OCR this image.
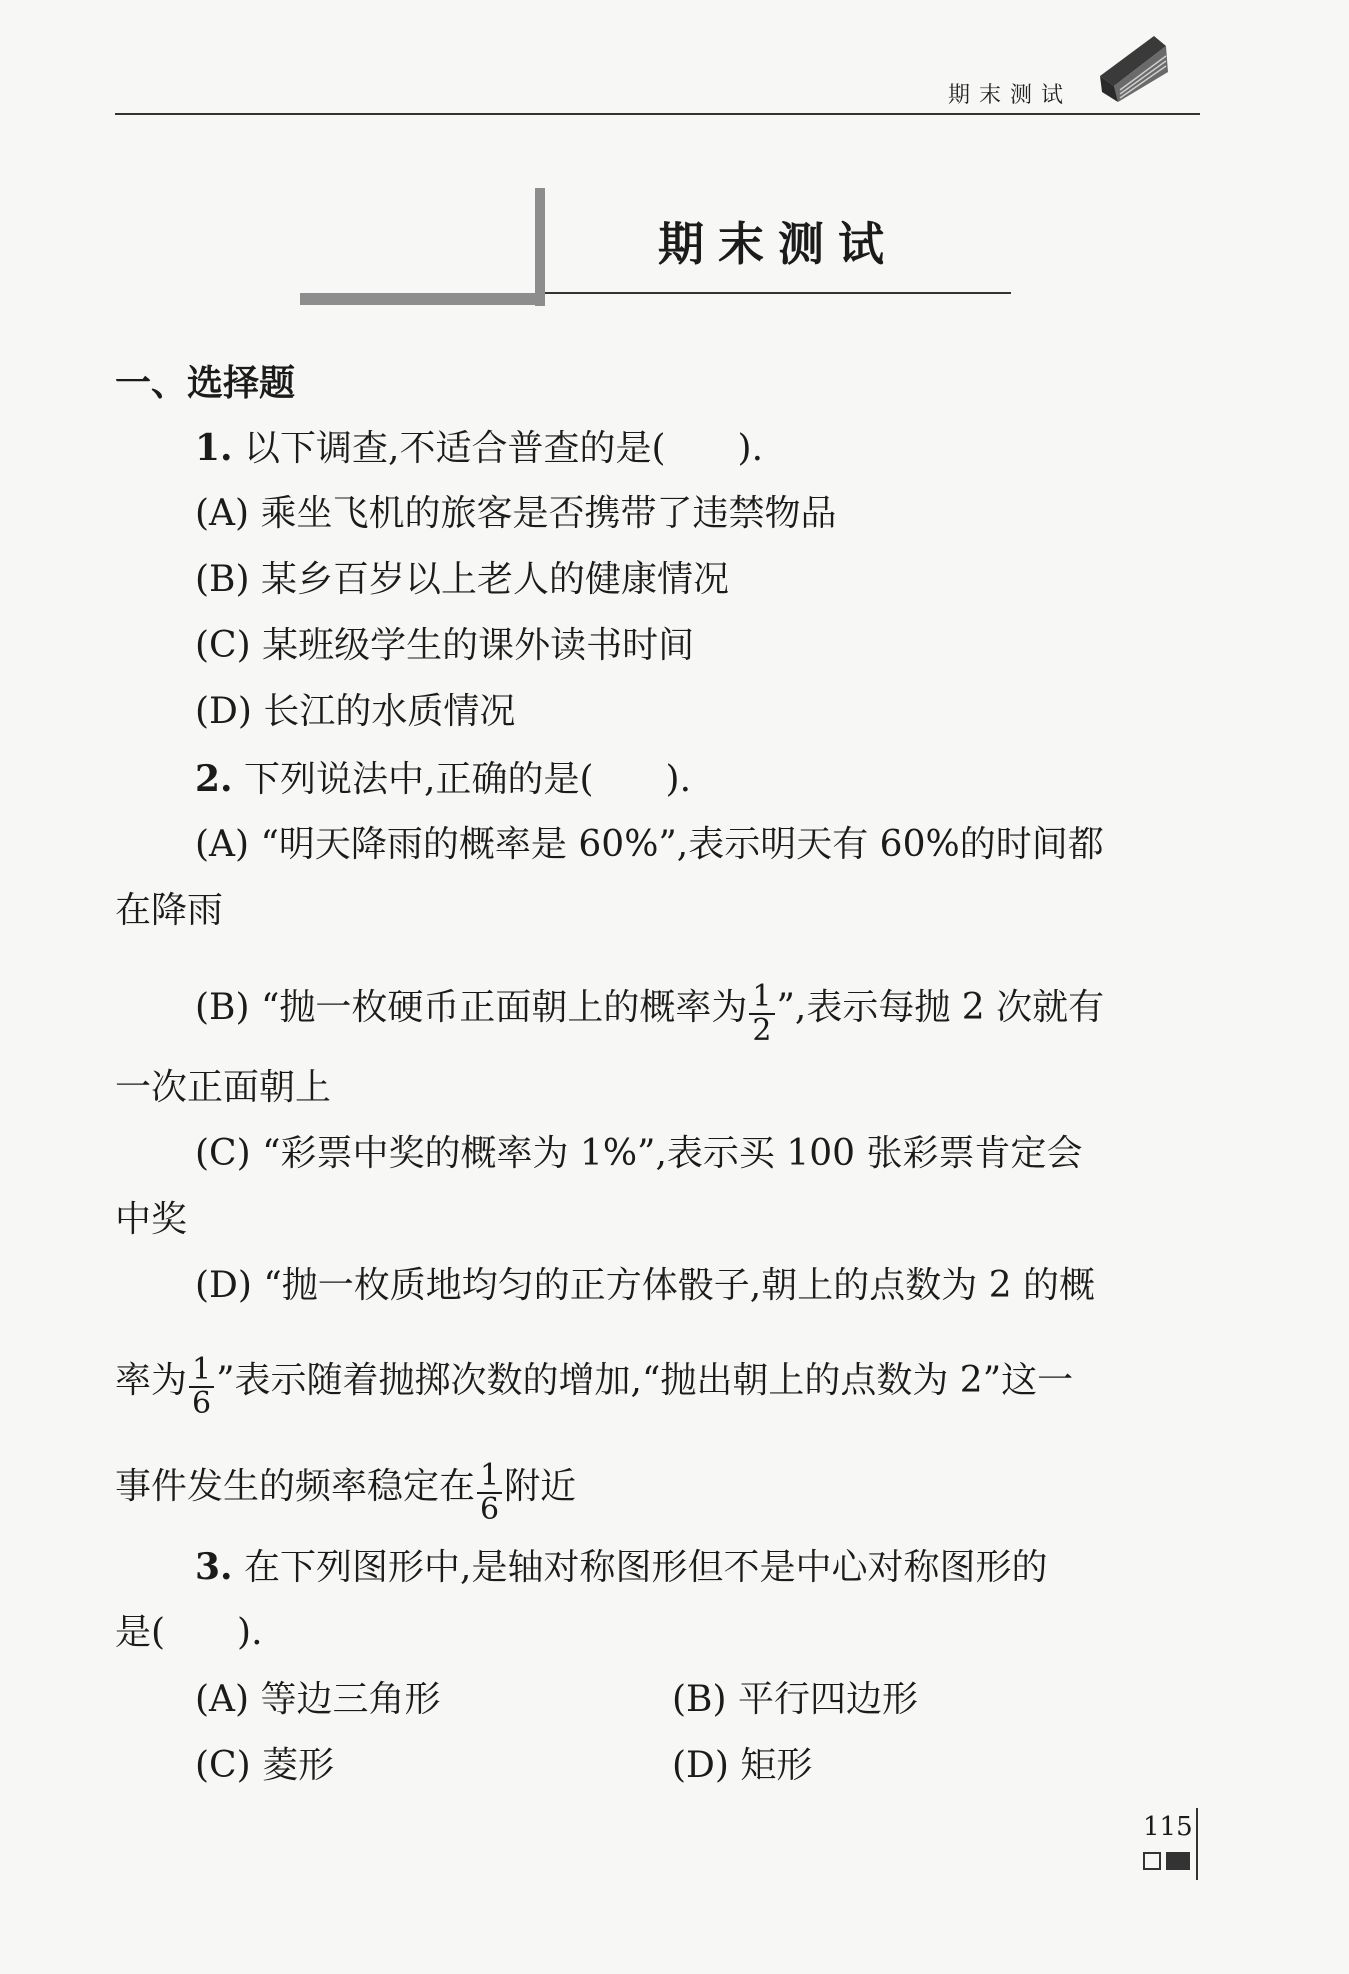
期末测试
期末测试
一、选择题
1. 以下调查,不适合普查的是(　　).
(A) 乘坐飞机的旅客是否携带了违禁物品
(B) 某乡百岁以上老人的健康情况
(C) 某班级学生的课外读书时间
(D) 长江的水质情况
2. 下列说法中,正确的是(　　).
(A) “明天降雨的概率是 60%”,表示明天有 60%的时间都
在降雨
(B) “抛一枚硬币正面朝上的概率为 $\frac{1}{2}$ ”,表示每抛 2 次就有
一次正面朝上
(C) “彩票中奖的概率为 1%”,表示买 100 张彩票肯定会
中奖
(D) “抛一枚质地均匀的正方体骰子,朝上的点数为 2 的概
率为 $\frac{1}{6}$ ”表示随着抛掷次数的增加,“抛出朝上的点数为 2”这一
事件发生的频率稳定在 $\frac{1}{6}$ 附近
3. 在下列图形中,是轴对称图形但不是中心对称图形的
是(　　).
(A) 等边三角形	(B) 平行四边形
(C) 菱形	(D) 矩形
115
